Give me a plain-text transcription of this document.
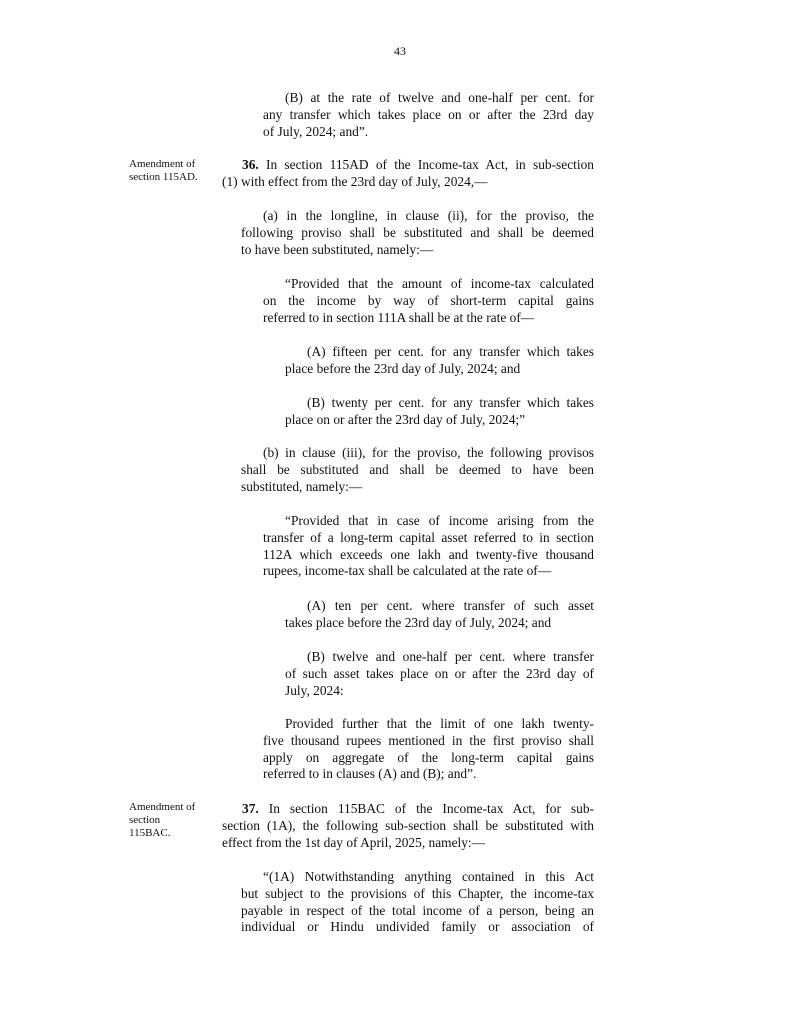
43
(B) at the rate of twelve and one-half per cent. for
any transfer which takes place on or after the 23rd day
of July, 2024; and”.
Amendment of
section 115AD.
36. In section 115AD of the Income-tax Act, in sub-section
(1) with effect from the 23rd day of July, 2024,—
(a) in the longline, in clause (ii), for the proviso, the
following proviso shall be substituted and shall be deemed
to have been substituted, namely:—
“Provided that the amount of income-tax calculated
on the income by way of short-term capital gains
referred to in section 111A shall be at the rate of—
(A) fifteen per cent. for any transfer which takes
place before the 23rd day of July, 2024; and
(B) twenty per cent. for any transfer which takes
place on or after the 23rd day of July, 2024;”
(b) in clause (iii), for the proviso, the following provisos
shall be substituted and shall be deemed to have been
substituted, namely:—
“Provided that in case of income arising from the
transfer of a long-term capital asset referred to in section
112A which exceeds one lakh and twenty-five thousand
rupees, income-tax shall be calculated at the rate of—
(A) ten per cent. where transfer of such asset
takes place before the 23rd day of July, 2024; and
(B) twelve and one-half per cent. where transfer
of such asset takes place on or after the 23rd day of
July, 2024:
Provided further that the limit of one lakh twenty-
five thousand rupees mentioned in the first proviso shall
apply on aggregate of the long-term capital gains
referred to in clauses (A) and (B); and”.
Amendment of
section
115BAC.
37. In section 115BAC of the Income-tax Act, for sub-
section (1A), the following sub-section shall be substituted with
effect from the 1st day of April, 2025, namely:—
“(1A) Notwithstanding anything contained in this Act
but subject to the provisions of this Chapter, the income-tax
payable in respect of the total income of a person, being an
individual or Hindu undivided family or association of
